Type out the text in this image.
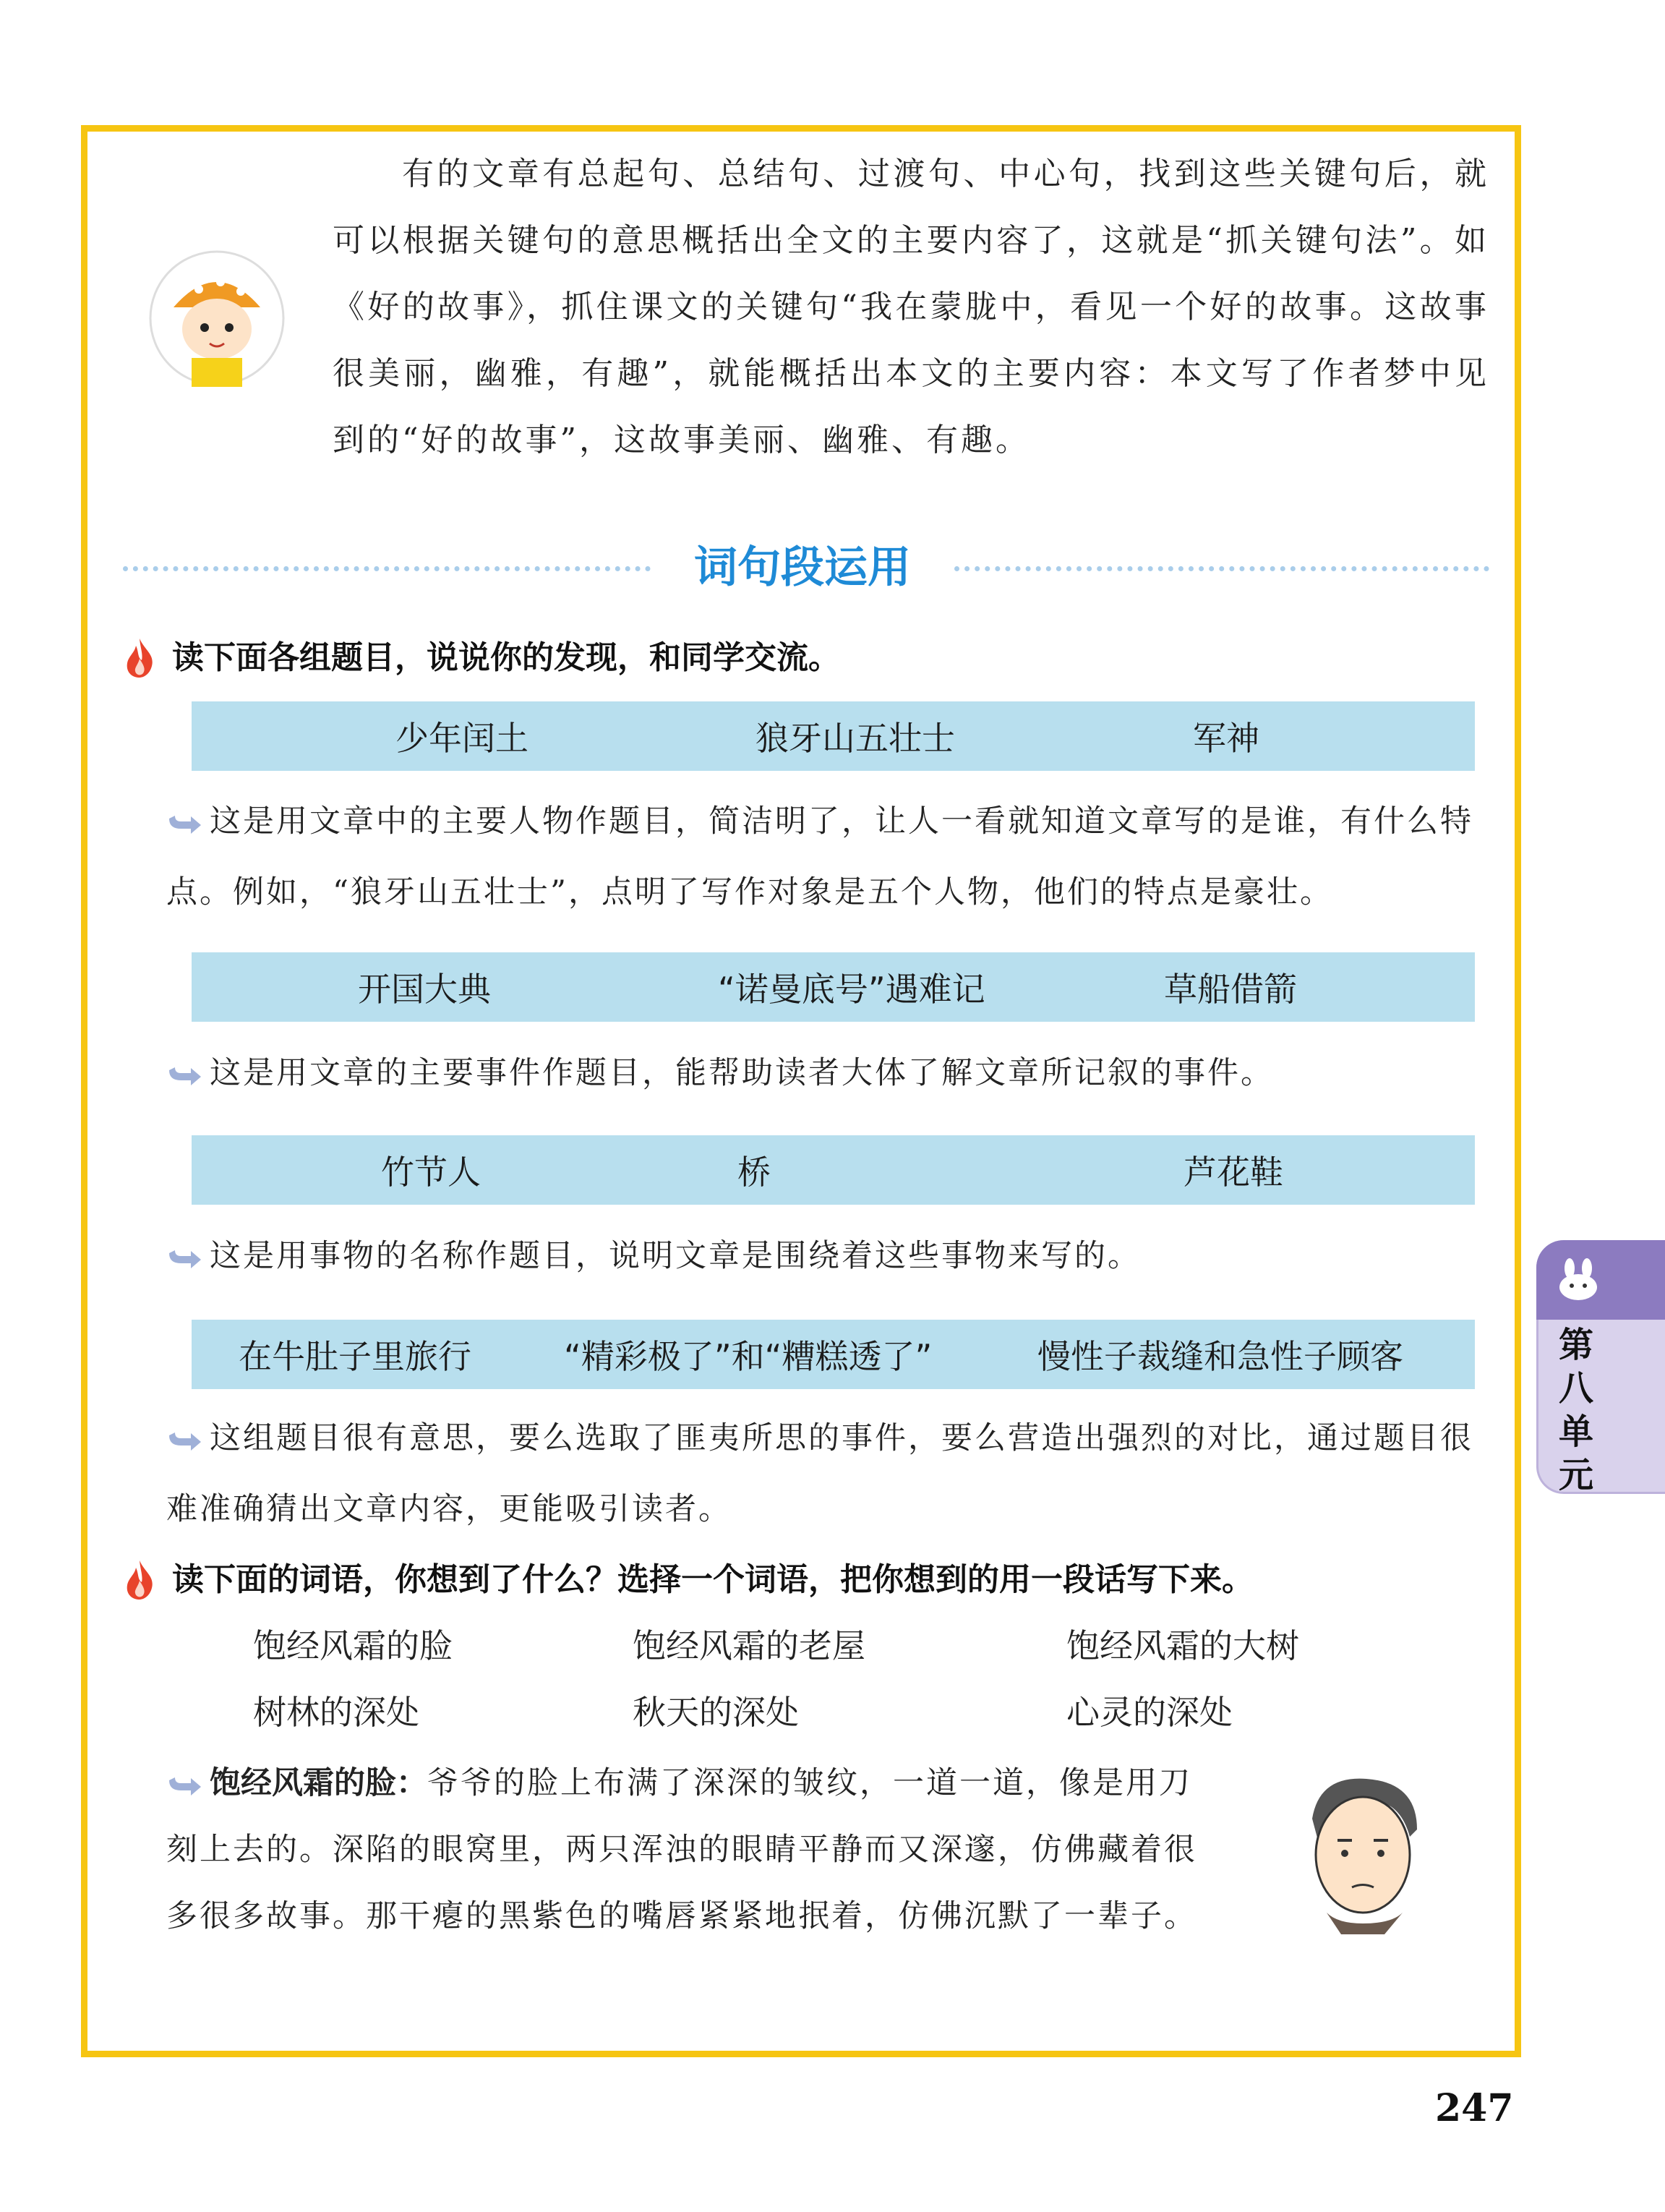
有的文章有总起句、总结句、过渡句、中心句，找到这些关键句后，就可以根据关键句的意思概括出全文的主要内容了，这就是“抓关键句法”。如《好的故事》，抓住课文的关键句“我在蒙胧中，看见一个好的故事。这故事很美丽，幽雅，有趣”，就能概括出本文的主要内容：本文写了作者梦中见到的“好的故事”，这故事美丽、幽雅、有趣。

词句段运用
读下面各组题目，说说你的发现，和同学交流。
少年闰土	狼牙山五壮士	军神

这是用文章中的主要人物作题目，简洁明了，让人一看就知道文章写的是谁，有什么特点。例如，“狼牙山五壮士”，点明了写作对象是五个人物，他们的特点是豪壮。

开国大典	“诺曼底号”遇难记	草船借箭

这是用文章的主要事件作题目，能帮助读者大体了解文章所记叙的事件。

竹节人	桥	芦花鞋

这是用事物的名称作题目，说明文章是围绕着这些事物来写的。

在牛肚子里旅行	“精彩极了”和“糟糕透了”	慢性子裁缝和急性子顾客

这组题目很有意思，要么选取了匪夷所思的事件，要么营造出强烈的对比，通过题目很难准确猜出文章内容，更能吸引读者。

读下面的词语，你想到了什么？选择一个词语，把你想到的用一段话写下来。
饱经风霜的脸	饱经风霜的老屋	饱经风霜的大树
树林的深处	秋天的深处	心灵的深处
饱经风霜的脸：爷爷的脸上布满了深深的皱纹，一道一道，像是用刀刻上去的。深陷的眼窝里，两只浑浊的眼睛平静而又深邃，仿佛藏着很多很多故事。那干瘪的黑紫色的嘴唇紧紧地抿着，仿佛沉默了一辈子。
第八单元
247
